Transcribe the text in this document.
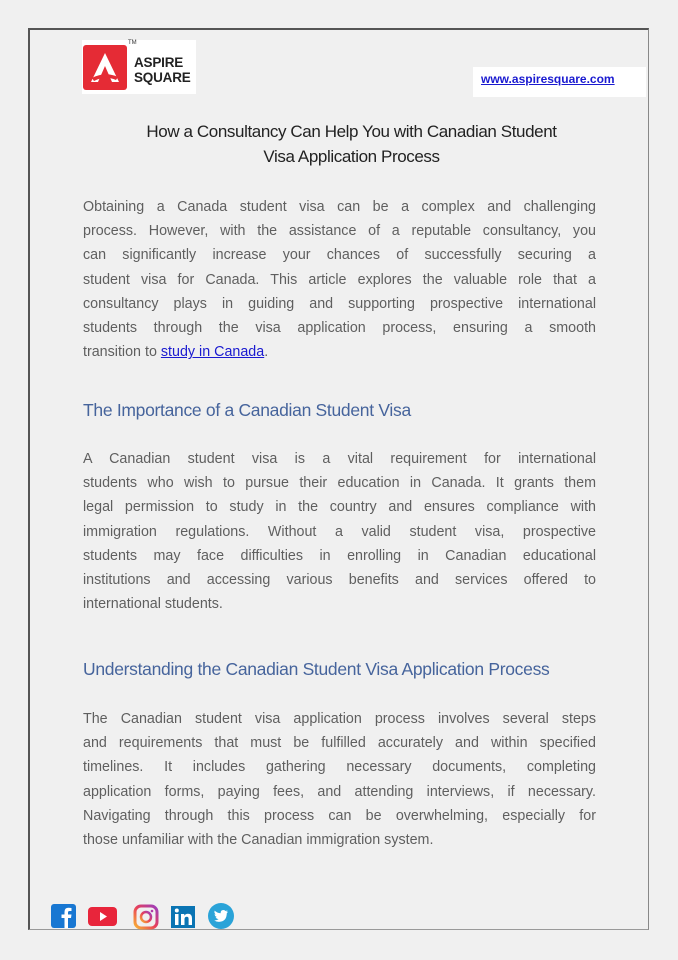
TM
ASPIRE
SQUARE	www.aspiresquare.com
How a Consultancy Can Help You with Canadian Student
Visa Application Process
Obtaining a Canada student visa can be a complex and challenging
process. However, with the assistance of a reputable consultancy, you
can significantly increase your chances of successfully securing a
student visa for Canada. This article explores the valuable role that a
consultancy plays in guiding and supporting prospective international
students through the visa application process, ensuring a smooth
transition to study in Canada.
The Importance of a Canadian Student Visa
A Canadian student visa is a vital requirement for international
students who wish to pursue their education in Canada. It grants them
legal permission to study in the country and ensures compliance with
immigration regulations. Without a valid student visa, prospective
students may face difficulties in enrolling in Canadian educational
institutions and accessing various benefits and services offered to
international students.
Understanding the Canadian Student Visa Application Process
The Canadian student visa application process involves several steps
and requirements that must be fulfilled accurately and within specified
timelines. It includes gathering necessary documents, completing
application forms, paying fees, and attending interviews, if necessary.
Navigating through this process can be overwhelming, especially for
those unfamiliar with the Canadian immigration system.
